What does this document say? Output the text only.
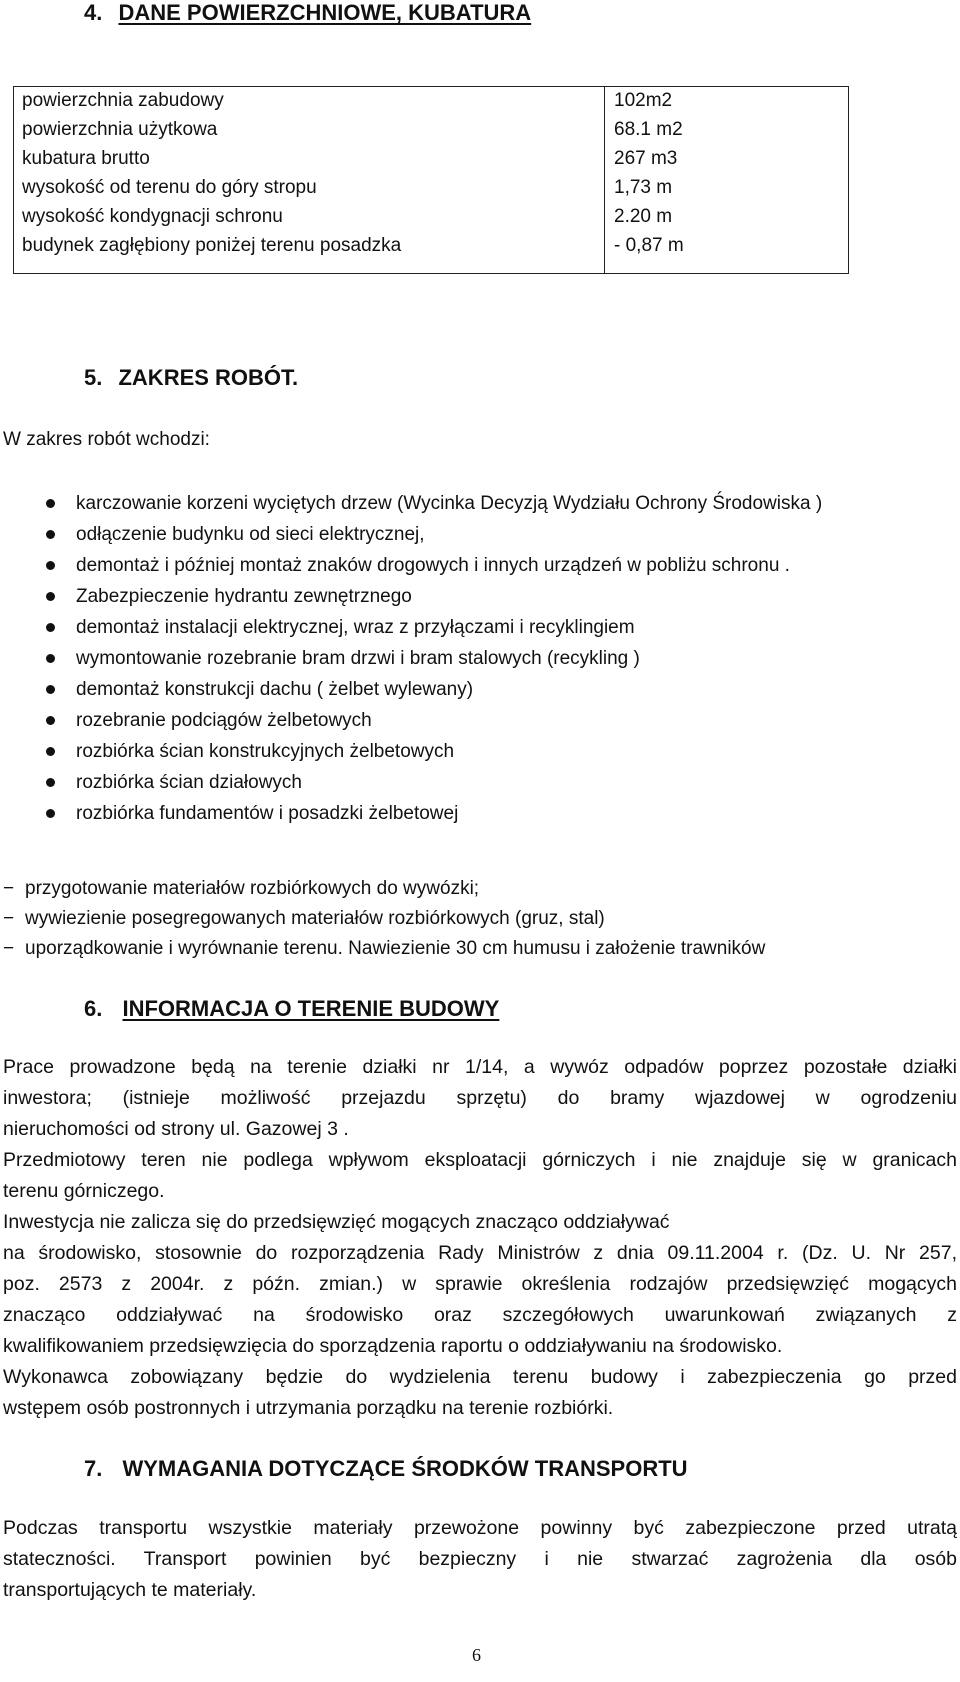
4. DANE POWIERZCHNIOWE, KUBATURA
powierzchnia zabudowy	102m2
powierzchnia użytkowa	68.1 m2
kubatura brutto	267 m3
wysokość od terenu do góry stropu	1,73 m
wysokość kondygnacji schronu	2.20 m
budynek zagłębiony poniżej terenu posadzka	- 0,87 m
5. ZAKRES ROBÓT.
W zakres robót wchodzi:
karczowanie korzeni wyciętych drzew (Wycinka Decyzją Wydziału Ochrony Środowiska )
odłączenie budynku od sieci elektrycznej,
demontaż i później montaż znaków drogowych i innych urządzeń w pobliżu schronu .
Zabezpieczenie hydrantu zewnętrznego
demontaż instalacji elektrycznej, wraz z przyłączami i recyklingiem
wymontowanie rozebranie bram drzwi i bram stalowych (recykling )
demontaż konstrukcji dachu ( żelbet wylewany)
rozebranie podciągów żelbetowych
rozbiórka ścian konstrukcyjnych żelbetowych
rozbiórka ścian działowych
rozbiórka fundamentów i posadzki żelbetowej
− przygotowanie materiałów rozbiórkowych do wywózki;
− wywiezienie posegregowanych materiałów rozbiórkowych (gruz, stal)
− uporządkowanie i wyrównanie terenu. Nawiezienie 30 cm humusu i założenie trawników
6. INFORMACJA O TERENIE BUDOWY
Prace prowadzone będą na terenie działki nr 1/14, a wywóz odpadów poprzez pozostałe działki
inwestora; (istnieje możliwość przejazdu sprzętu) do bramy wjazdowej w ogrodzeniu
nieruchomości od strony ul. Gazowej 3 .
Przedmiotowy teren nie podlega wpływom eksploatacji górniczych i nie znajduje się w granicach
terenu górniczego.
Inwestycja nie zalicza się do przedsięwzięć mogących znacząco oddziaływać
na środowisko, stosownie do rozporządzenia Rady Ministrów z dnia 09.11.2004 r. (Dz. U. Nr 257,
poz. 2573 z 2004r. z późn. zmian.) w sprawie określenia rodzajów przedsięwzięć mogących
znacząco oddziaływać na środowisko oraz szczegółowych uwarunkowań związanych z
kwalifikowaniem przedsięwzięcia do sporządzenia raportu o oddziaływaniu na środowisko.
Wykonawca zobowiązany będzie do wydzielenia terenu budowy i zabezpieczenia go przed
wstępem osób postronnych i utrzymania porządku na terenie rozbiórki.
7. WYMAGANIA DOTYCZĄCE ŚRODKÓW TRANSPORTU
Podczas transportu wszystkie materiały przewożone powinny być zabezpieczone przed utratą
stateczności. Transport powinien być bezpieczny i nie stwarzać zagrożenia dla osób
transportujących te materiały.
6
